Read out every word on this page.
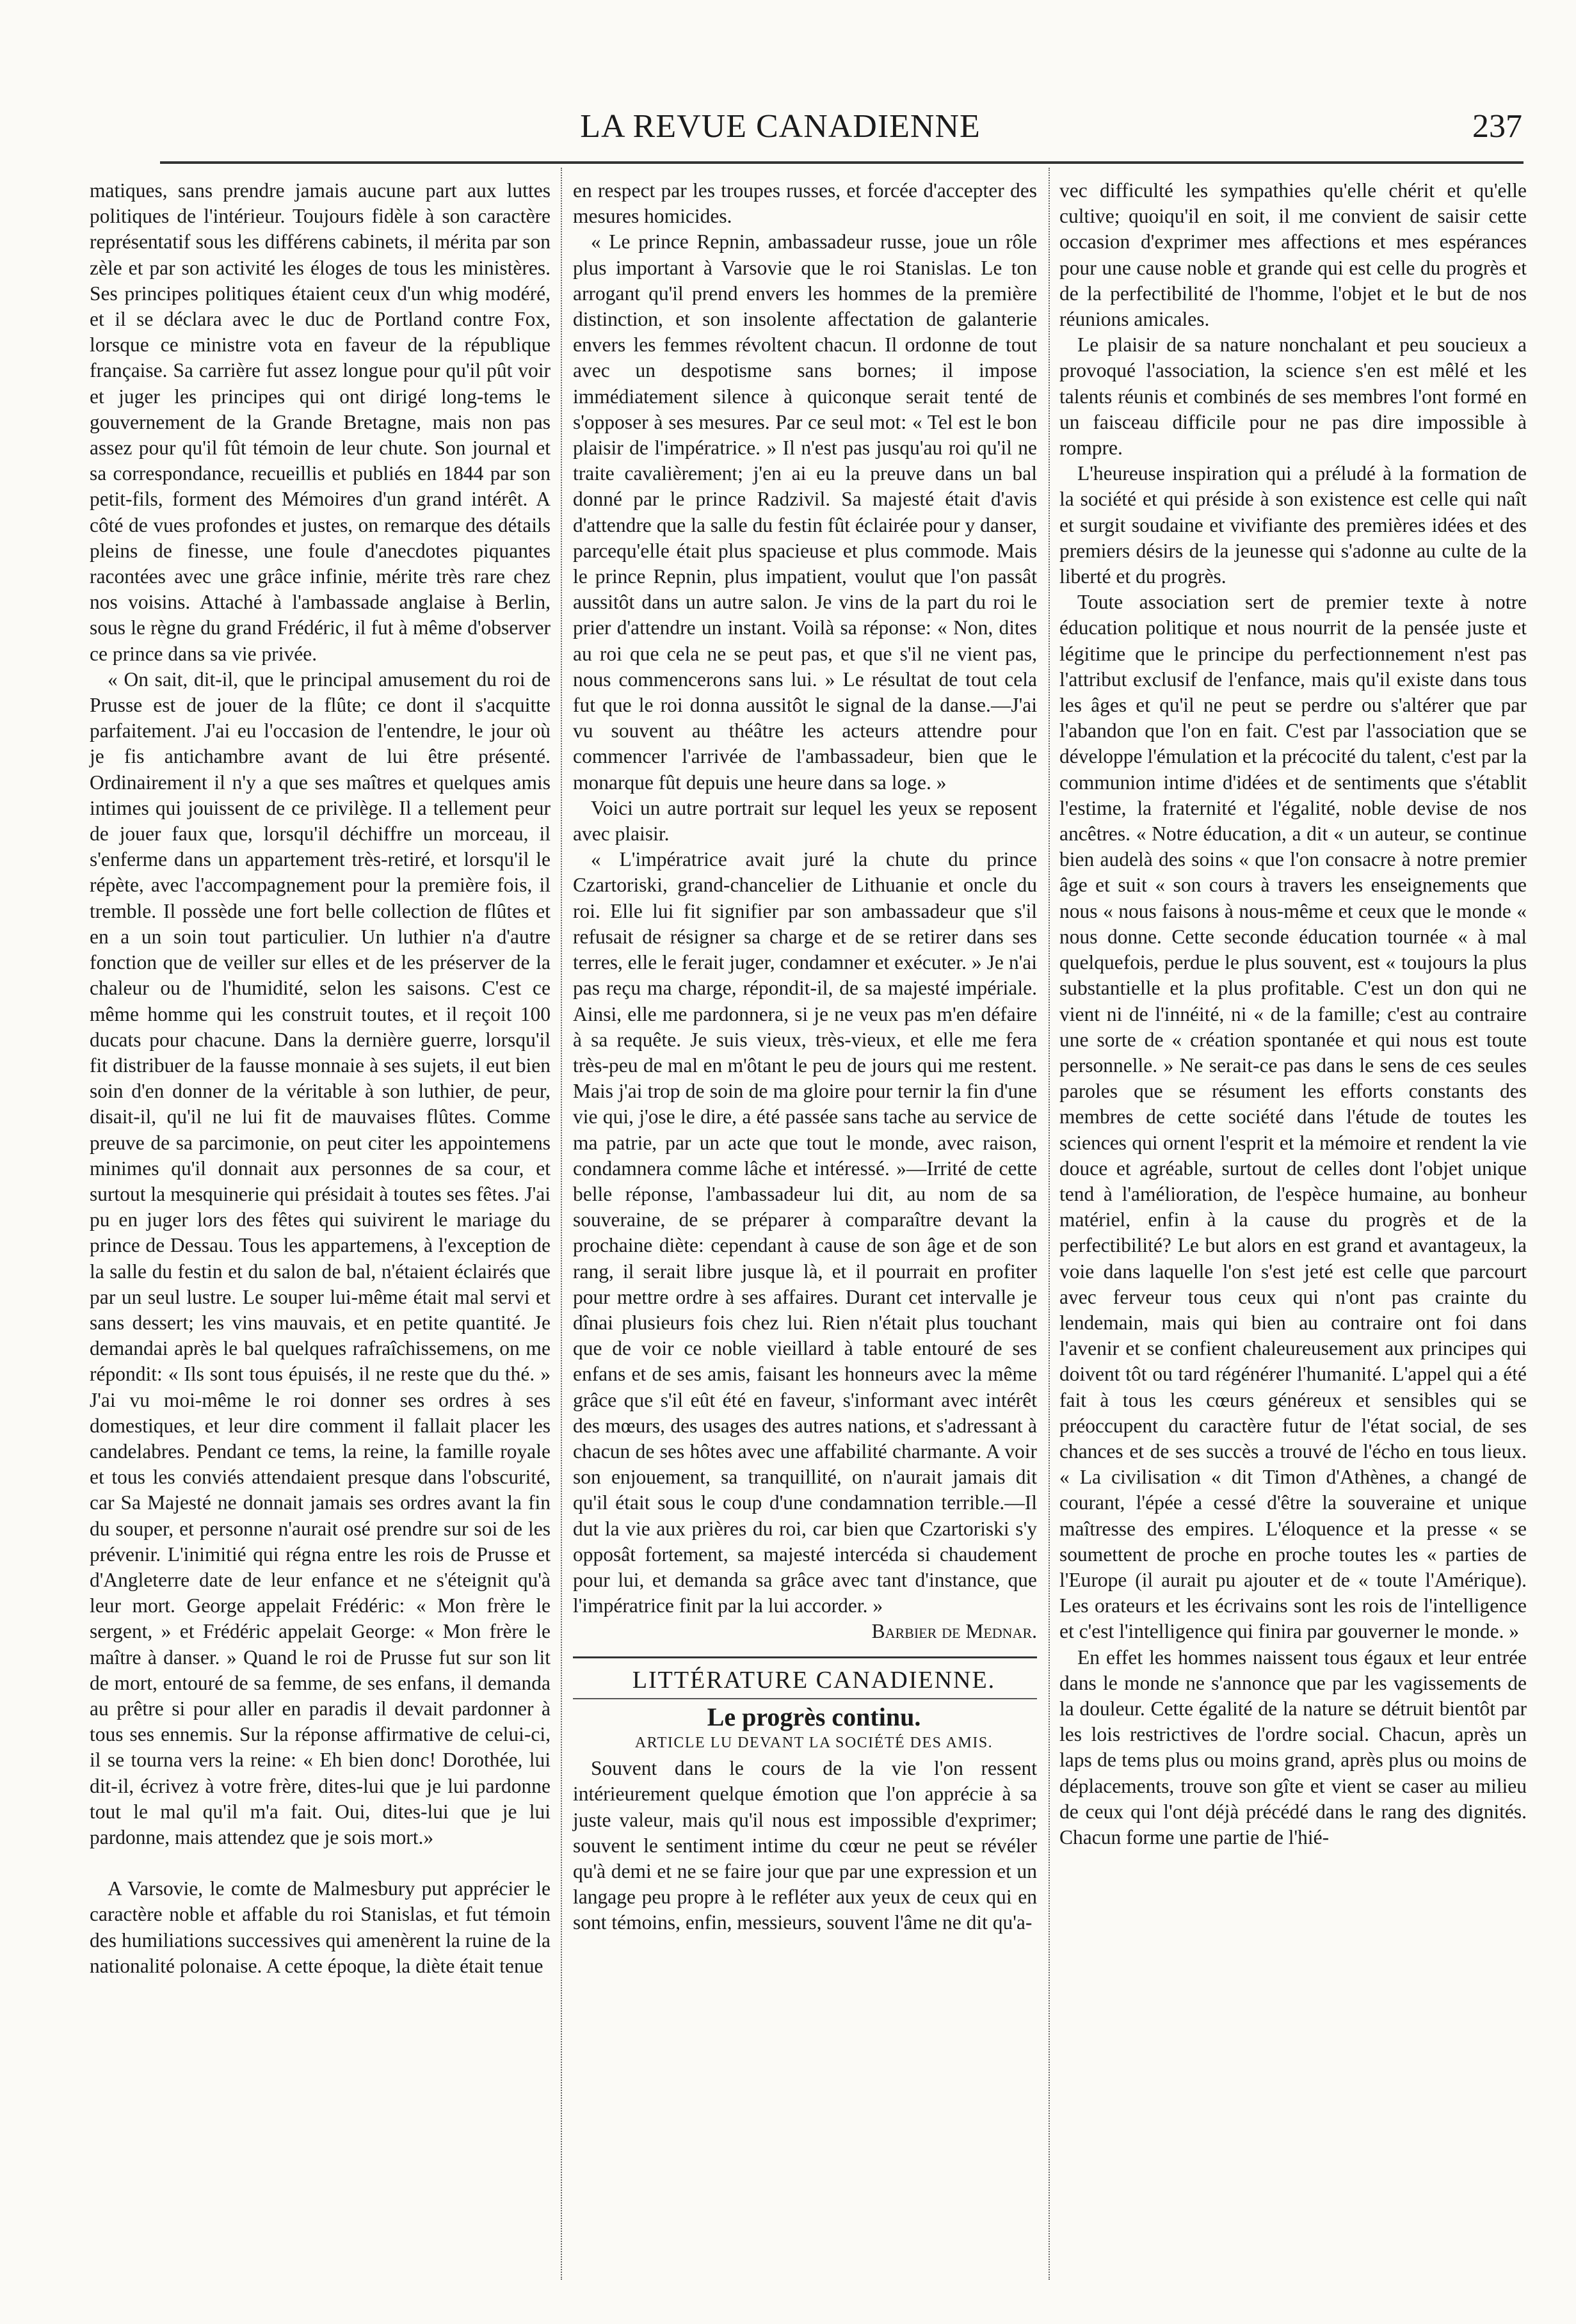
LA REVUE CANADIENNE	237

matiques, sans prendre jamais aucune part aux luttes politiques de l'intérieur. Toujours fidèle à son caractère représentatif sous les différens cabinets, il mérita par son zèle et par son activité les éloges de tous les ministères. Ses principes politiques étaient ceux d'un whig modéré, et il se déclara avec le duc de Portland contre Fox, lorsque ce ministre vota en faveur de la république française. Sa carrière fut assez longue pour qu'il pût voir et juger les principes qui ont dirigé long-tems le gouvernement de la Grande Bretagne, mais non pas assez pour qu'il fût témoin de leur chute. Son journal et sa correspondance, recueillis et publiés en 1844 par son petit-fils, forment des Mémoires d'un grand intérêt. A côté de vues profondes et justes, on remarque des détails pleins de finesse, une foule d'anecdotes piquantes racontées avec une grâce infinie, mérite très rare chez nos voisins. Attaché à l'ambassade anglaise à Berlin, sous le règne du grand Frédéric, il fut à même d'observer ce prince dans sa vie privée.

« On sait, dit-il, que le principal amusement du roi de Prusse est de jouer de la flûte; ce dont il s'acquitte parfaitement. J'ai eu l'occasion de l'entendre, le jour où je fis antichambre avant de lui être présenté. Ordinairement il n'y a que ses maîtres et quelques amis intimes qui jouissent de ce privilège. Il a tellement peur de jouer faux que, lorsqu'il déchiffre un morceau, il s'enferme dans un appartement très-retiré, et lorsqu'il le répète, avec l'accompagnement pour la première fois, il tremble. Il possède une fort belle collection de flûtes et en a un soin tout particulier. Un luthier n'a d'autre fonction que de veiller sur elles et de les préserver de la chaleur ou de l'humidité, selon les saisons. C'est ce même homme qui les construit toutes, et il reçoit 100 ducats pour chacune. Dans la dernière guerre, lorsqu'il fit distribuer de la fausse monnaie à ses sujets, il eut bien soin d'en donner de la véritable à son luthier, de peur, disait-il, qu'il ne lui fit de mauvaises flûtes. Comme preuve de sa parcimonie, on peut citer les appointemens minimes qu'il donnait aux personnes de sa cour, et surtout la mesquinerie qui présidait à toutes ses fêtes. J'ai pu en juger lors des fêtes qui suivirent le mariage du prince de Dessau. Tous les appartemens, à l'exception de la salle du festin et du salon de bal, n'étaient éclairés que par un seul lustre. Le souper lui-même était mal servi et sans dessert; les vins mauvais, et en petite quantité. Je demandai après le bal quelques rafraîchissemens, on me répondit: « Ils sont tous épuisés, il ne reste que du thé. » J'ai vu moi-même le roi donner ses ordres à ses domestiques, et leur dire comment il fallait placer les candelabres. Pendant ce tems, la reine, la famille royale et tous les conviés attendaient presque dans l'obscurité, car Sa Majesté ne donnait jamais ses ordres avant la fin du souper, et personne n'aurait osé prendre sur soi de les prévenir. L'inimitié qui régna entre les rois de Prusse et d'Angleterre date de leur enfance et ne s'éteignit qu'à leur mort. George appelait Frédéric: « Mon frère le sergent, » et Frédéric appelait George: « Mon frère le maître à danser. » Quand le roi de Prusse fut sur son lit de mort, entouré de sa femme, de ses enfans, il demanda au prêtre si pour aller en paradis il devait pardonner à tous ses ennemis. Sur la réponse affirmative de celui-ci, il se tourna vers la reine: « Eh bien donc! Dorothée, lui dit-il, écrivez à votre frère, dites-lui que je lui pardonne tout le mal qu'il m'a fait. Oui, dites-lui que je lui pardonne, mais attendez que je sois mort.»

A Varsovie, le comte de Malmesbury put apprécier le caractère noble et affable du roi Stanislas, et fut témoin des humiliations successives qui amenèrent la ruine de la nationalité polonaise. A cette époque, la diète était tenue

en respect par les troupes russes, et forcée d'accepter des mesures homicides.

« Le prince Repnin, ambassadeur russe, joue un rôle plus important à Varsovie que le roi Stanislas. Le ton arrogant qu'il prend envers les hommes de la première distinction, et son insolente affectation de galanterie envers les femmes révoltent chacun. Il ordonne de tout avec un despotisme sans bornes; il impose immédiatement silence à quiconque serait tenté de s'opposer à ses mesures. Par ce seul mot: « Tel est le bon plaisir de l'impératrice. » Il n'est pas jusqu'au roi qu'il ne traite cavalièrement; j'en ai eu la preuve dans un bal donné par le prince Radzivil. Sa majesté était d'avis d'attendre que la salle du festin fût éclairée pour y danser, parcequ'elle était plus spacieuse et plus commode. Mais le prince Repnin, plus impatient, voulut que l'on passât aussitôt dans un autre salon. Je vins de la part du roi le prier d'attendre un instant. Voilà sa réponse: « Non, dites au roi que cela ne se peut pas, et que s'il ne vient pas, nous commencerons sans lui. » Le résultat de tout cela fut que le roi donna aussitôt le signal de la danse.—J'ai vu souvent au théâtre les acteurs attendre pour commencer l'arrivée de l'ambassadeur, bien que le monarque fût depuis une heure dans sa loge. »

Voici un autre portrait sur lequel les yeux se reposent avec plaisir.

« L'impératrice avait juré la chute du prince Czartoriski, grand-chancelier de Lithuanie et oncle du roi. Elle lui fit signifier par son ambassadeur que s'il refusait de résigner sa charge et de se retirer dans ses terres, elle le ferait juger, condamner et exécuter. » Je n'ai pas reçu ma charge, répondit-il, de sa majesté impériale. Ainsi, elle me pardonnera, si je ne veux pas m'en défaire à sa requête. Je suis vieux, très-vieux, et elle me fera très-peu de mal en m'ôtant le peu de jours qui me restent. Mais j'ai trop de soin de ma gloire pour ternir la fin d'une vie qui, j'ose le dire, a été passée sans tache au service de ma patrie, par un acte que tout le monde, avec raison, condamnera comme lâche et intéressé. »—Irrité de cette belle réponse, l'ambassadeur lui dit, au nom de sa souveraine, de se préparer à comparaître devant la prochaine diète: cependant à cause de son âge et de son rang, il serait libre jusque là, et il pourrait en profiter pour mettre ordre à ses affaires. Durant cet intervalle je dînai plusieurs fois chez lui. Rien n'était plus touchant que de voir ce noble vieillard à table entouré de ses enfans et de ses amis, faisant les honneurs avec la même grâce que s'il eût été en faveur, s'informant avec intérêt des mœurs, des usages des autres nations, et s'adressant à chacun de ses hôtes avec une affabilité charmante. A voir son enjouement, sa tranquillité, on n'aurait jamais dit qu'il était sous le coup d'une condamnation terrible.—Il dut la vie aux prières du roi, car bien que Czartoriski s'y opposât fortement, sa majesté intercéda si chaudement pour lui, et demanda sa grâce avec tant d'instance, que l'impératrice finit par la lui accorder. »

Barbier de Mednar.

LITTÉRATURE CANADIENNE.

Le progrès continu.

ARTICLE LU DEVANT LA SOCIÉTÉ DES AMIS.

Souvent dans le cours de la vie l'on ressent intérieurement quelque émotion que l'on apprécie à sa juste valeur, mais qu'il nous est impossible d'exprimer; souvent le sentiment intime du cœur ne peut se révéler qu'à demi et ne se faire jour que par une expression et un langage peu propre à le refléter aux yeux de ceux qui en sont témoins, enfin, messieurs, souvent l'âme ne dit qu'a-

vec difficulté les sympathies qu'elle chérit et qu'elle cultive; quoiqu'il en soit, il me convient de saisir cette occasion d'exprimer mes affections et mes espérances pour une cause noble et grande qui est celle du progrès et de la perfectibilité de l'homme, l'objet et le but de nos réunions amicales.

Le plaisir de sa nature nonchalant et peu soucieux a provoqué l'association, la science s'en est mêlé et les talents réunis et combinés de ses membres l'ont formé en un faisceau difficile pour ne pas dire impossible à rompre.

L'heureuse inspiration qui a préludé à la formation de la société et qui préside à son existence est celle qui naît et surgit soudaine et vivifiante des premières idées et des premiers désirs de la jeunesse qui s'adonne au culte de la liberté et du progrès.

Toute association sert de premier texte à notre éducation politique et nous nourrit de la pensée juste et légitime que le principe du perfectionnement n'est pas l'attribut exclusif de l'enfance, mais qu'il existe dans tous les âges et qu'il ne peut se perdre ou s'altérer que par l'abandon que l'on en fait. C'est par l'association que se développe l'émulation et la précocité du talent, c'est par la communion intime d'idées et de sentiments que s'établit l'estime, la fraternité et l'égalité, noble devise de nos ancêtres. « Notre éducation, a dit « un auteur, se continue bien audelà des soins « que l'on consacre à notre premier âge et suit « son cours à travers les enseignements que nous « nous faisons à nous-même et ceux que le monde « nous donne. Cette seconde éducation tournée « à mal quelquefois, perdue le plus souvent, est « toujours la plus substantielle et la plus profitable. C'est un don qui ne vient ni de l'innéité, ni « de la famille; c'est au contraire une sorte de « création spontanée et qui nous est toute personnelle. » Ne serait-ce pas dans le sens de ces seules paroles que se résument les efforts constants des membres de cette société dans l'étude de toutes les sciences qui ornent l'esprit et la mémoire et rendent la vie douce et agréable, surtout de celles dont l'objet unique tend à l'amélioration, de l'espèce humaine, au bonheur matériel, enfin à la cause du progrès et de la perfectibilité? Le but alors en est grand et avantageux, la voie dans laquelle l'on s'est jeté est celle que parcourt avec ferveur tous ceux qui n'ont pas crainte du lendemain, mais qui bien au contraire ont foi dans l'avenir et se confient chaleureusement aux principes qui doivent tôt ou tard régénérer l'humanité. L'appel qui a été fait à tous les cœurs généreux et sensibles qui se préoccupent du caractère futur de l'état social, de ses chances et de ses succès a trouvé de l'écho en tous lieux. « La civilisation « dit Timon d'Athènes, a changé de courant, l'épée a cessé d'être la souveraine et unique maîtresse des empires. L'éloquence et la presse « se soumettent de proche en proche toutes les « parties de l'Europe (il aurait pu ajouter et de « toute l'Amérique). Les orateurs et les écrivains sont les rois de l'intelligence et c'est l'intelligence qui finira par gouverner le monde. »

En effet les hommes naissent tous égaux et leur entrée dans le monde ne s'annonce que par les vagissements de la douleur. Cette égalité de la nature se détruit bientôt par les lois restrictives de l'ordre social. Chacun, après un laps de tems plus ou moins grand, après plus ou moins de déplacements, trouve son gîte et vient se caser au milieu de ceux qui l'ont déjà précédé dans le rang des dignités. Chacun forme une partie de l'hié-
